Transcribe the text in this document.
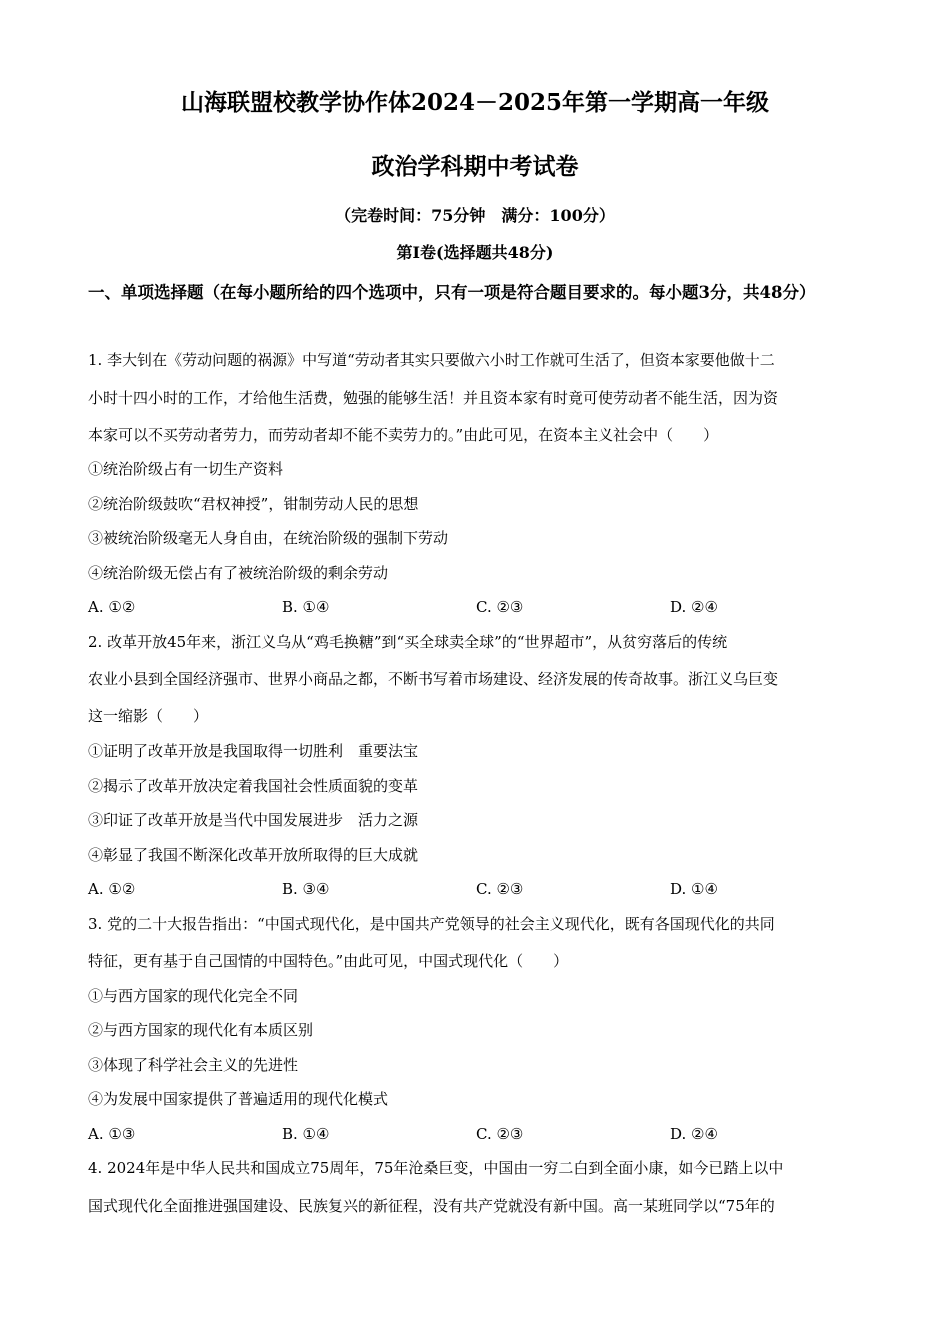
山海联盟校教学协作体2024－2025年第一学期高一年级
政治学科期中考试卷
（完卷时间：75分钟　满分：100分）
第Ⅰ卷(选择题共48分)
一、单项选择题（在每小题所给的四个选项中，只有一项是符合题目要求的。每小题3分，共48分）
1. 李大钊在《劳动问题的祸源》中写道“劳动者其实只要做六小时工作就可生活了，但资本家要他做十二
小时十四小时的工作，才给他生活费，勉强的能够生活！并且资本家有时竟可使劳动者不能生活，因为资
本家可以不买劳动者劳力，而劳动者却不能不卖劳力的。”由此可见，在资本主义社会中（　　）
①统治阶级占有一切生产资料
②统治阶级鼓吹“君权神授”，钳制劳动人民的思想
③被统治阶级毫无人身自由，在统治阶级的强制下劳动
④统治阶级无偿占有了被统治阶级的剩余劳动
A. ①②	B. ①④	C. ②③	D. ②④
2. 改革开放45年来，浙江义乌从“鸡毛换糖”到“买全球卖全球”的“世界超市”，从贫穷落后的传统
农业小县到全国经济强市、世界小商品之都，不断书写着市场建设、经济发展的传奇故事。浙江义乌巨变
这一缩影（　　）
①证明了改革开放是我国取得一切胜利　重要法宝
②揭示了改革开放决定着我国社会性质面貌的变革
③印证了改革开放是当代中国发展进步　活力之源
④彰显了我国不断深化改革开放所取得的巨大成就
A. ①②	B. ③④	C. ②③	D. ①④
3. 党的二十大报告指出：“中国式现代化，是中国共产党领导的社会主义现代化，既有各国现代化的共同
特征，更有基于自己国情的中国特色。”由此可见，中国式现代化（　　）
①与西方国家的现代化完全不同
②与西方国家的现代化有本质区别
③体现了科学社会主义的先进性
④为发展中国家提供了普遍适用的现代化模式
A. ①③	B. ①④	C. ②③	D. ②④
4. 2024年是中华人民共和国成立75周年，75年沧桑巨变，中国由一穷二白到全面小康，如今已踏上以中
国式现代化全面推进强国建设、民族复兴的新征程，没有共产党就没有新中国。高一某班同学以“75年的
